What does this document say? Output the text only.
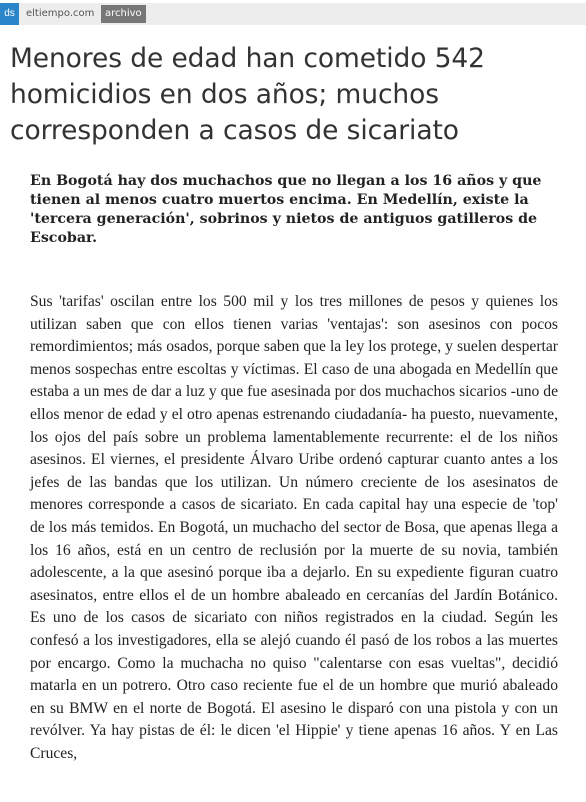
ds	eltiempo.com	archivo
Menores de edad han cometido 542 homicidios en dos años; muchos corresponden a casos de sicariato

En Bogotá hay dos muchachos que no llegan a los 16 años y que tienen al menos cuatro muertos encima. En Medellín, existe la 'tercera generación', sobrinos y nietos de antiguos gatilleros de Escobar.

Sus 'tarifas' oscilan entre los 500 mil y los tres millones de pesos y quienes los utilizan saben que con ellos tienen varias 'ventajas': son asesinos con pocos remordimientos; más osados, porque saben que la ley los protege, y suelen despertar menos sospechas entre escoltas y víctimas. El caso de una abogada en Medellín que estaba a un mes de dar a luz y que fue asesinada por dos muchachos sicarios -uno de ellos menor de edad y el otro apenas estrenando ciudadanía- ha puesto, nuevamente, los ojos del país sobre un problema lamentablemente recurrente: el de los niños asesinos. El viernes, el presidente Álvaro Uribe ordenó capturar cuanto antes a los jefes de las bandas que los utilizan. Un número creciente de los asesinatos de menores corresponde a casos de sicariato. En cada capital hay una especie de 'top' de los más temidos. En Bogotá, un muchacho del sector de Bosa, que apenas llega a los 16 años, está en un centro de reclusión por la muerte de su novia, también adolescente, a la que asesinó porque iba a dejarlo. En su expediente figuran cuatro asesinatos, entre ellos el de un hombre abaleado en cercanías del Jardín Botánico. Es uno de los casos de sicariato con niños registrados en la ciudad. Según les confesó a los investigadores, ella se alejó cuando él pasó de los robos a las muertes por encargo. Como la muchacha no quiso "calentarse con esas vueltas", decidió matarla en un potrero. Otro caso reciente fue el de un hombre que murió abaleado en su BMW en el norte de Bogotá. El asesino le disparó con una pistola y con un revólver. Ya hay pistas de él: le dicen 'el Hippie' y tiene apenas 16 años. Y en Las Cruces,
